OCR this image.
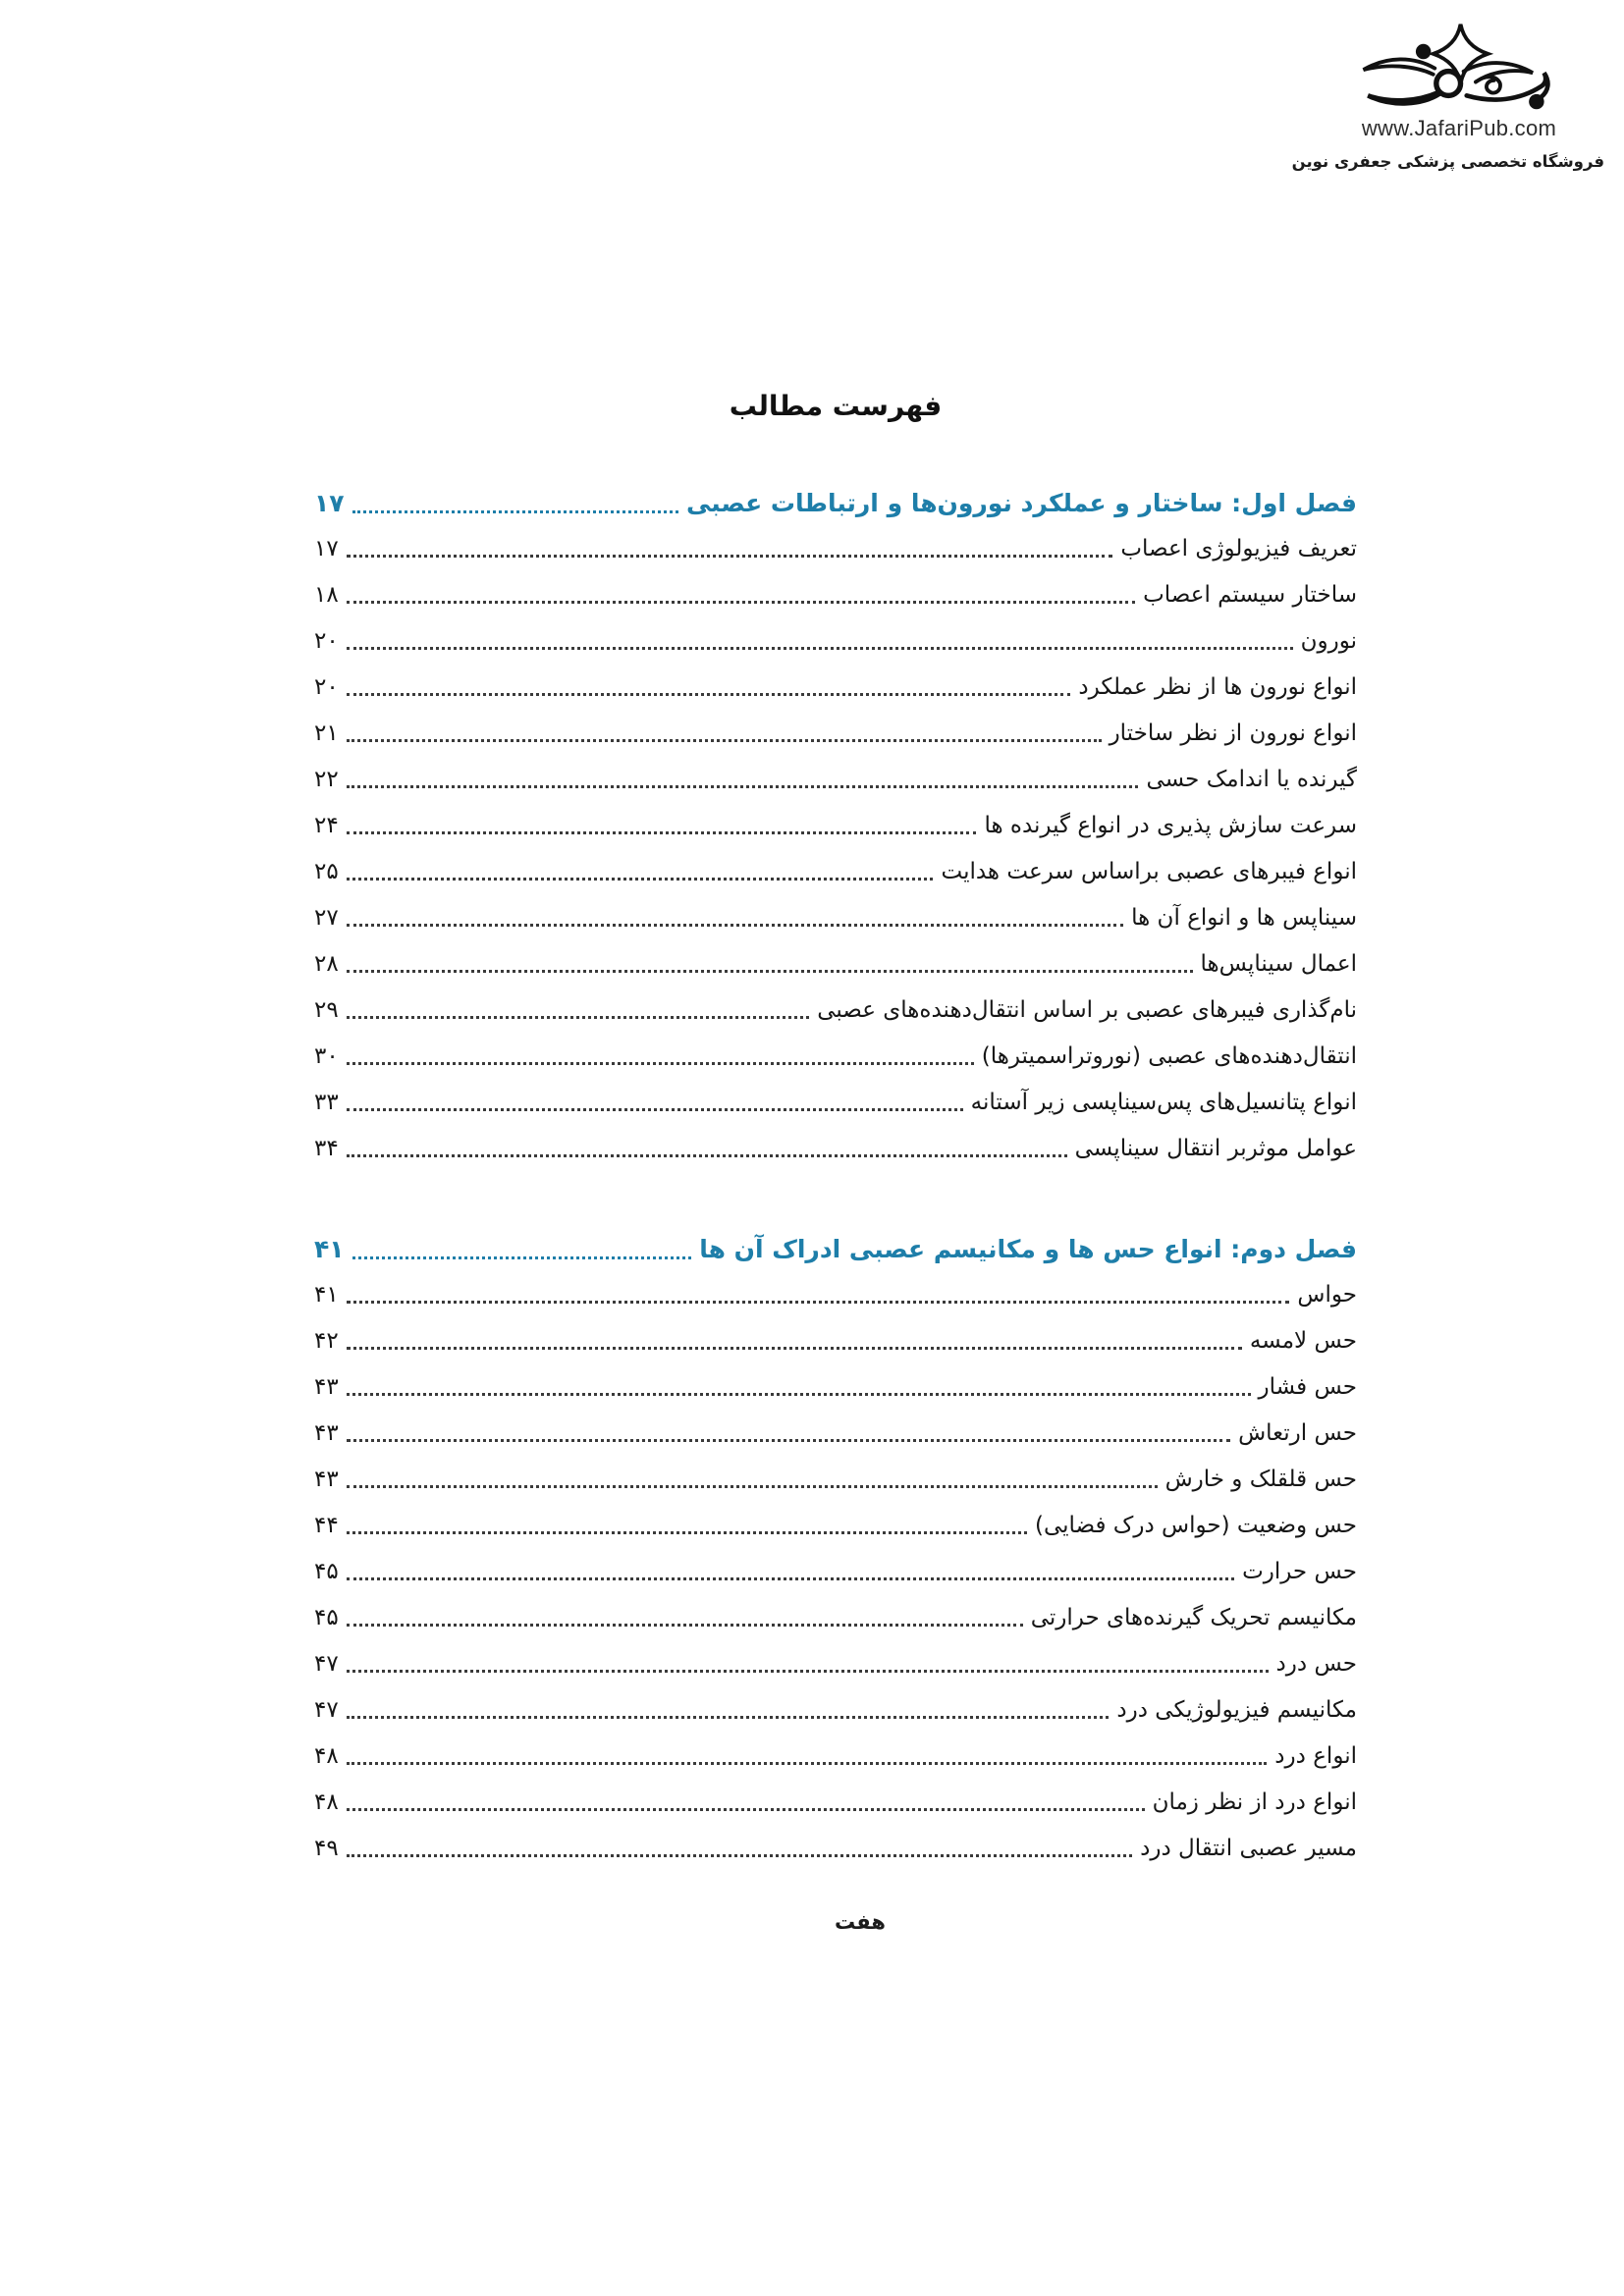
www.JafariPub.com
فروشگاه تخصصی پزشکی جعفری نوین
فهرست مطالب
فصل اول: ساختار و عملکرد نورون‌ها و ارتباطات عصبی
۱۷
تعریف فیزیولوژی اعصاب
۱۷
ساختار سیستم اعصاب
۱۸
نورون
۲۰
انواع نورون ها از نظر عملکرد
۲۰
انواع نورون از نظر ساختار
۲۱
گیرنده یا اندامک حسی
۲۲
سرعت سازش پذیری در انواع گیرنده ها
۲۴
انواع فیبرهای عصبی براساس سرعت هدایت
۲۵
سیناپس ها و انواع آن ها
۲۷
اعمال سیناپس‌ها
۲۸
نام‌گذاری فیبرهای عصبی بر اساس انتقال‌دهنده‌های عصبی
۲۹
انتقال‌دهنده‌های عصبی (نوروتراسمیترها)
۳۰
انواع پتانسیل‌های پس‌سیناپسی زیر آستانه
۳۳
عوامل موثربر انتقال سیناپسی
۳۴
فصل دوم: انواع حس ها و مکانیسم عصبی ادراک آن ها
۴۱
حواس
۴۱
حس لامسه
۴۲
حس فشار
۴۳
حس ارتعاش
۴۳
حس قلقلک و خارش
۴۳
حس وضعیت (حواس درک فضایی)
۴۴
حس حرارت
۴۵
مکانیسم تحریک گیرنده‌های حرارتی
۴۵
حس درد
۴۷
مکانیسم فیزیولوژیکی درد
۴۷
انواع درد
۴۸
انواع درد از نظر زمان
۴۸
مسیر عصبی انتقال درد
۴۹
هفت
